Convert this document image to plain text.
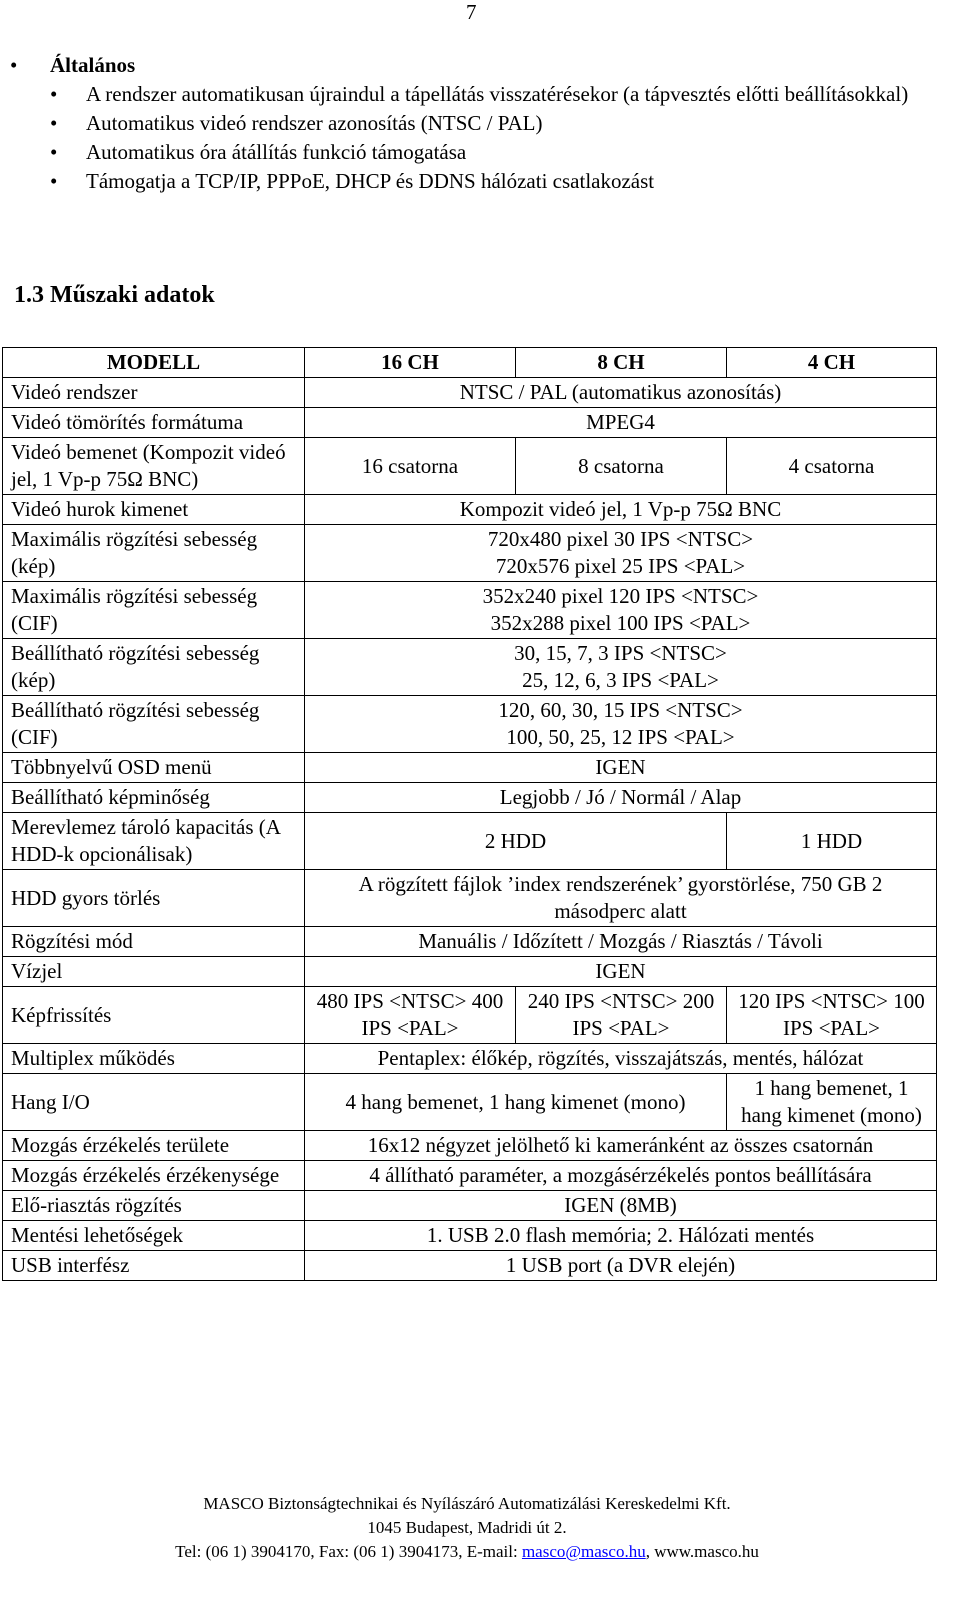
7
• Általános
• A rendszer automatikusan újraindul a tápellátás visszatérésekor (a tápvesztés előtti beállításokkal)
• Automatikus videó rendszer azonosítás (NTSC / PAL)
• Automatikus óra átállítás funkció támogatása
• Támogatja a TCP/IP, PPPoE, DHCP és DDNS hálózati csatlakozást
1.3 Műszaki adatok
MODELL	16 CH	8 CH	4 CH
Videó rendszer	NTSC / PAL (automatikus azonosítás)		
Videó tömörítés formátuma	MPEG4		
Videó bemenet (Kompozit videó jel, 1 Vp-p 75Ω BNC)	16 csatorna	8 csatorna	4 csatorna
Videó hurok kimenet	Kompozit videó jel, 1 Vp-p 75Ω BNC		
Maximális rögzítési sebesség (kép)	720x480 pixel 30 IPS <NTSC>
720x576 pixel 25 IPS <PAL>		
Maximális rögzítési sebesség (CIF)	352x240 pixel 120 IPS <NTSC>
352x288 pixel 100 IPS <PAL>		
Beállítható rögzítési sebesség (kép)	30, 15, 7, 3 IPS <NTSC>
25, 12, 6, 3 IPS <PAL>		
Beállítható rögzítési sebesség (CIF)	120, 60, 30, 15 IPS <NTSC>
100, 50, 25, 12 IPS <PAL>		
Többnyelvű OSD menü	IGEN		
Beállítható képminőség	Legjobb / Jó / Normál / Alap		
Merevlemez tároló kapacitás (A HDD-k opcionálisak)	2 HDD		1 HDD
HDD gyors törlés	A rögzített fájlok ’index rendszerének’ gyorstörlése, 750 GB 2 másodperc alatt		
Rögzítési mód	Manuális / Időzített / Mozgás / Riasztás / Távoli		
Vízjel	IGEN		
Képfrissítés	480 IPS <NTSC> 400 IPS <PAL>	240 IPS <NTSC> 200 IPS <PAL>	120 IPS <NTSC> 100 IPS <PAL>
Multiplex működés	Pentaplex: élőkép, rögzítés, visszajátszás, mentés, hálózat		
Hang I/O	4 hang bemenet, 1 hang kimenet (mono)		1 hang bemenet, 1 hang kimenet (mono)
Mozgás érzékelés területe	16x12 négyzet jelölhető ki kameránként az összes csatornán		
Mozgás érzékelés érzékenysége	4 állítható paraméter, a mozgásérzékelés pontos beállítására		
Elő-riasztás rögzítés	IGEN (8MB)		
Mentési lehetőségek	1. USB 2.0 flash memória; 2. Hálózati mentés		
USB interfész	1 USB port (a DVR elején)		
MASCO Biztonságtechnikai és Nyílászáró Automatizálási Kereskedelmi Kft.
1045 Budapest, Madridi út 2.
Tel: (06 1) 3904170, Fax: (06 1) 3904173, E-mail: masco@masco.hu, www.masco.hu
